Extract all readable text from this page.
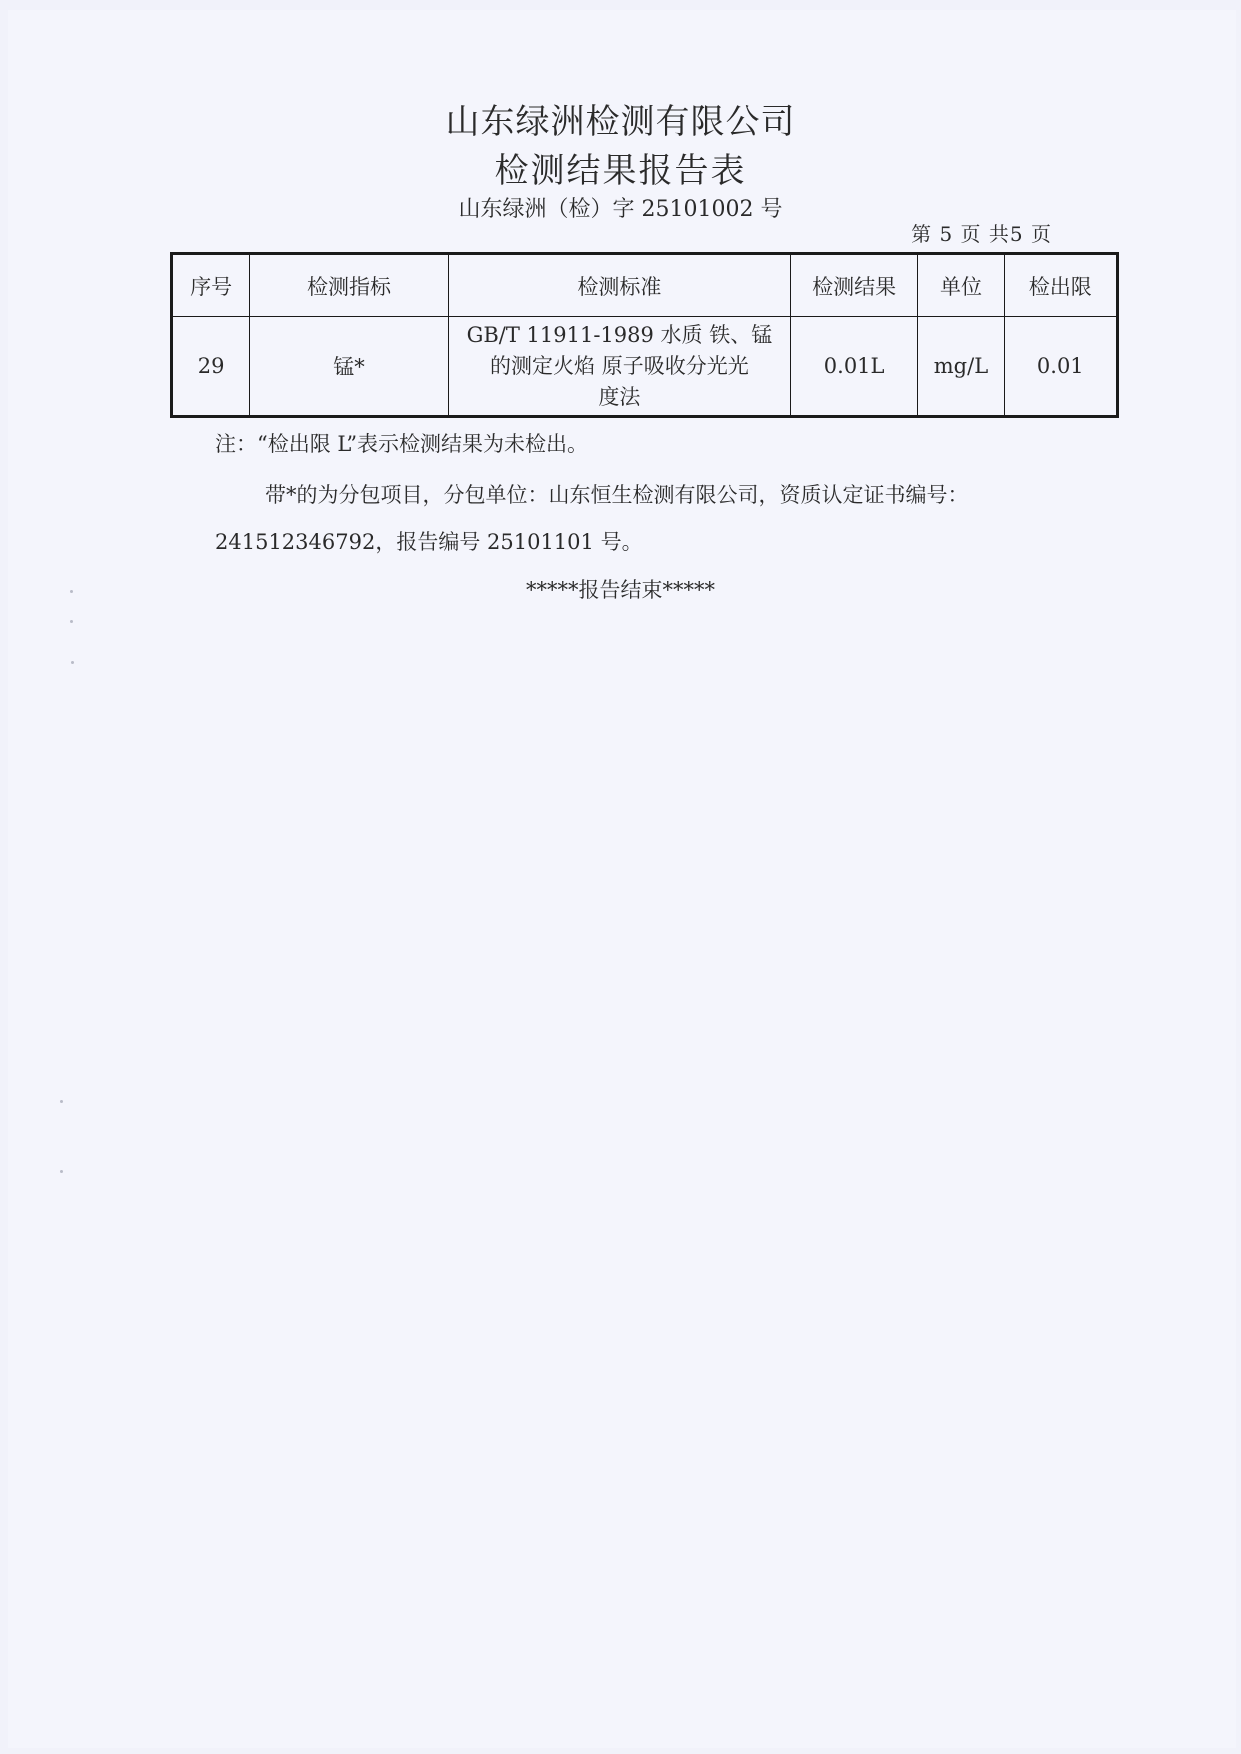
山东绿洲检测有限公司
检测结果报告表
山东绿洲（检）字 25101002 号
第 5 页 共5 页
序号	检测指标	检测标准	检测结果	单位	检出限
29	锰*	GB/T 11911-1989 水质 铁、锰
的测定火焰 原子吸收分光光
度法	0.01L	mg/L	0.01
注：“检出限 L”表示检测结果为未检出。
带*的为分包项目，分包单位：山东恒生检测有限公司，资质认定证书编号：
241512346792，报告编号 25101101 号。
*****报告结束*****
